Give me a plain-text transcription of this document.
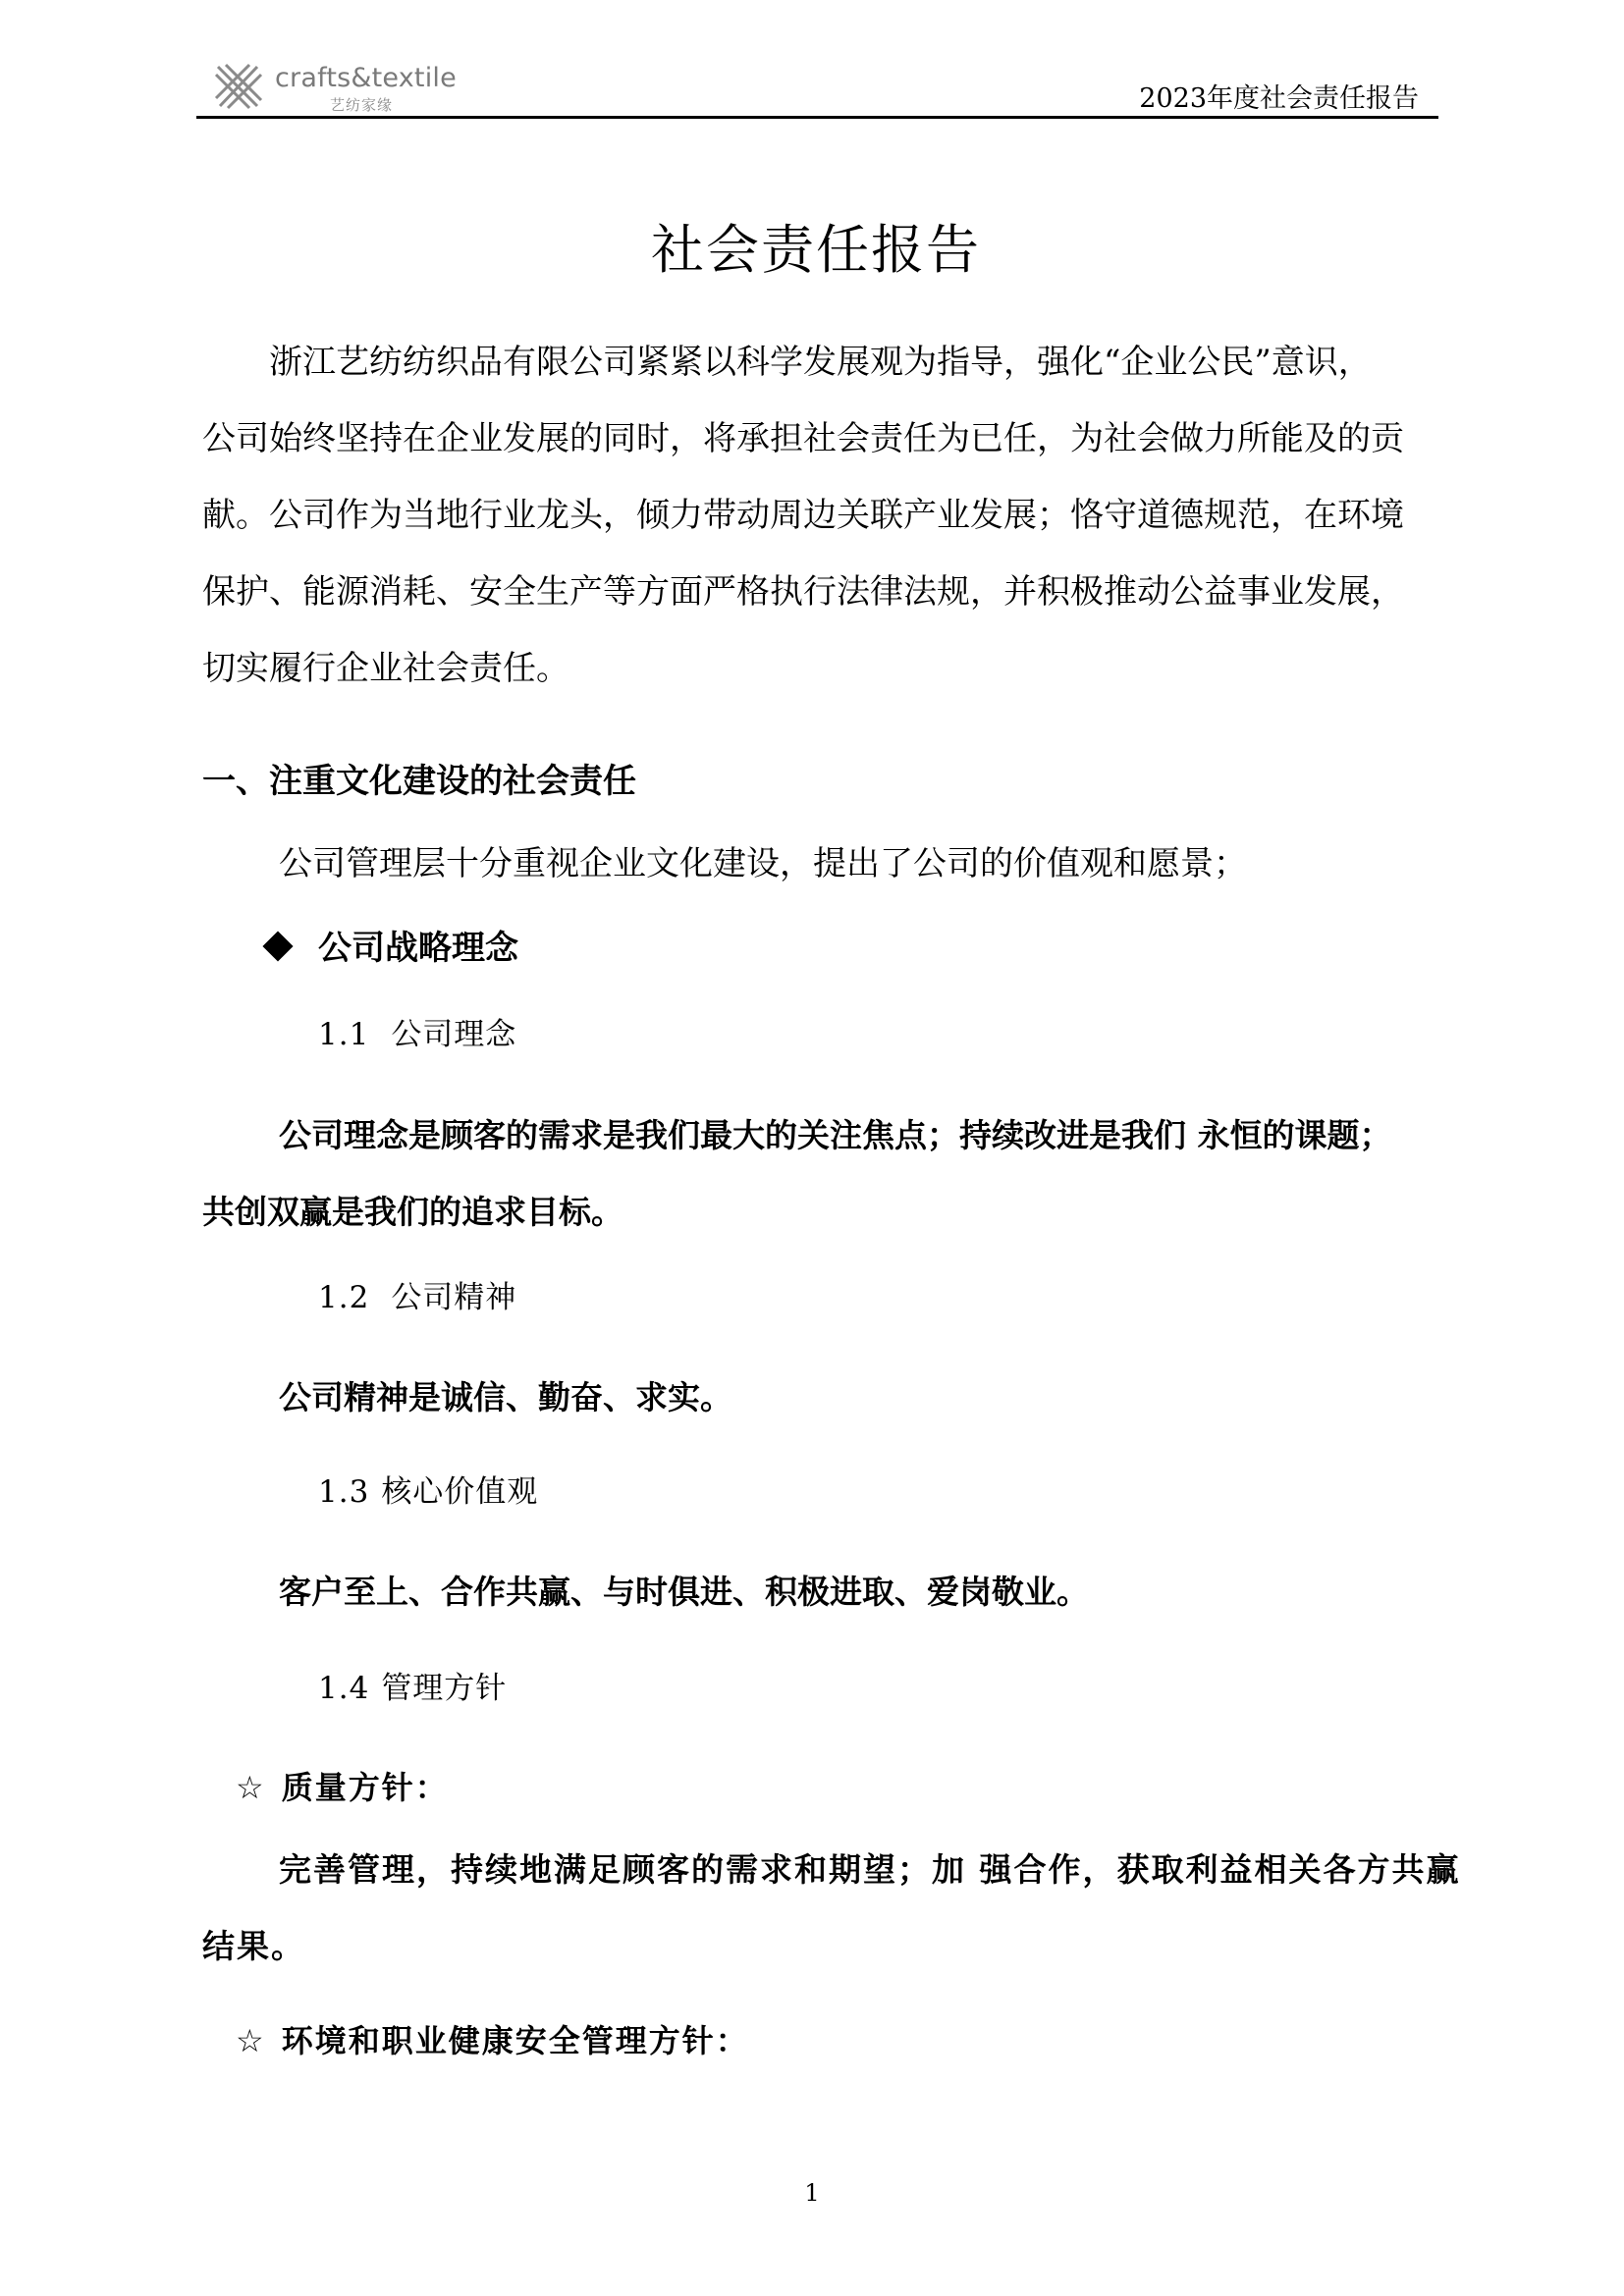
crafts&textile
艺纺家缘	2023年度社会责任报告
社会责任报告
浙江艺纺纺织品有限公司紧紧以科学发展观为指导，强化“企业公民”意识，
公司始终坚持在企业发展的同时，将承担社会责任为已任，为社会做力所能及的贡
献。公司作为当地行业龙头，倾力带动周边关联产业发展；恪守道德规范，在环境
保护、能源消耗、安全生产等方面严格执行法律法规，并积极推动公益事业发展，
切实履行企业社会责任。
一、注重文化建设的社会责任
公司管理层十分重视企业文化建设，提出了公司的价值观和愿景；
公司战略理念
1.1 公司理念
公司理念是顾客的需求是我们最大的关注焦点；持续改进是我们 永恒的课题；
共创双赢是我们的追求目标。
1.2 公司精神
公司精神是诚信、勤奋、求实。
1.3 核心价值观
客户至上、合作共赢、与时俱进、积极进取、爱岗敬业。
1.4 管理方针
☆ 质量方针：
完善管理，持续地满足顾客的需求和期望；加 强合作，获取利益相关各方共赢
结果。
☆ 环境和职业健康安全管理方针：
1
